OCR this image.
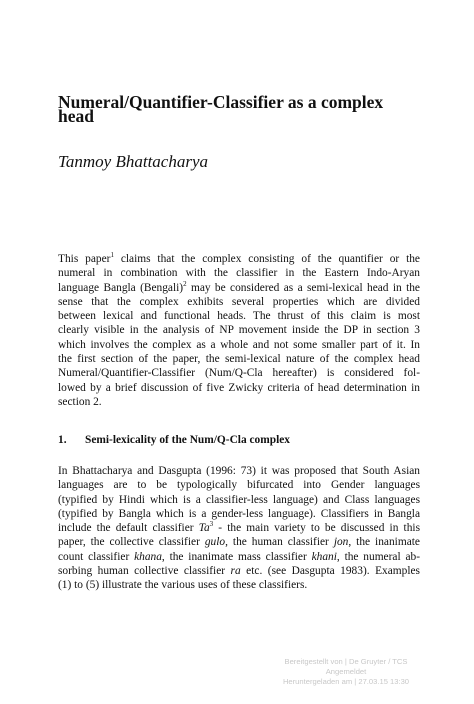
Numeral/Quantifier-Classifier as a complex
head

Tanmoy Bhattacharya

This paper$^1$ claims that the complex consisting of the quantifier or the
numeral in combination with the classifier in the Eastern Indo-Aryan
language Bangla (Bengali)$^2$ may be considered as a semi-lexical head in the
sense that the complex exhibits several properties which are divided
between lexical and functional heads. The thrust of this claim is most
clearly visible in the analysis of NP movement inside the DP in section 3
which involves the complex as a whole and not some smaller part of it. In
the first section of the paper, the semi-lexical nature of the complex head
Numeral/Quantifier-Classifier (Num/Q-Cla hereafter) is considered fol-
lowed by a brief discussion of five Zwicky criteria of head determination in
section 2.
1. Semi-lexicality of the Num/Q-Cla complex
In Bhattacharya and Dasgupta (1996: 73) it was proposed that South Asian
languages are to be typologically bifurcated into Gender languages
(typified by Hindi which is a classifier-less language) and Class languages
(typified by Bangla which is a gender-less language). Classifiers in Bangla
include the default classifier Ta$^3$ - the main variety to be discussed in this
paper, the collective classifier gulo, the human classifier jon, the inanimate
count classifier khana, the inanimate mass classifier khani, the numeral ab-
sorbing human collective classifier ra etc. (see Dasgupta 1983). Examples
(1) to (5) illustrate the various uses of these classifiers.
Bereitgestellt von | De Gruyter / TCS
Angemeldet
Heruntergeladen am | 27.03.15 13:30
